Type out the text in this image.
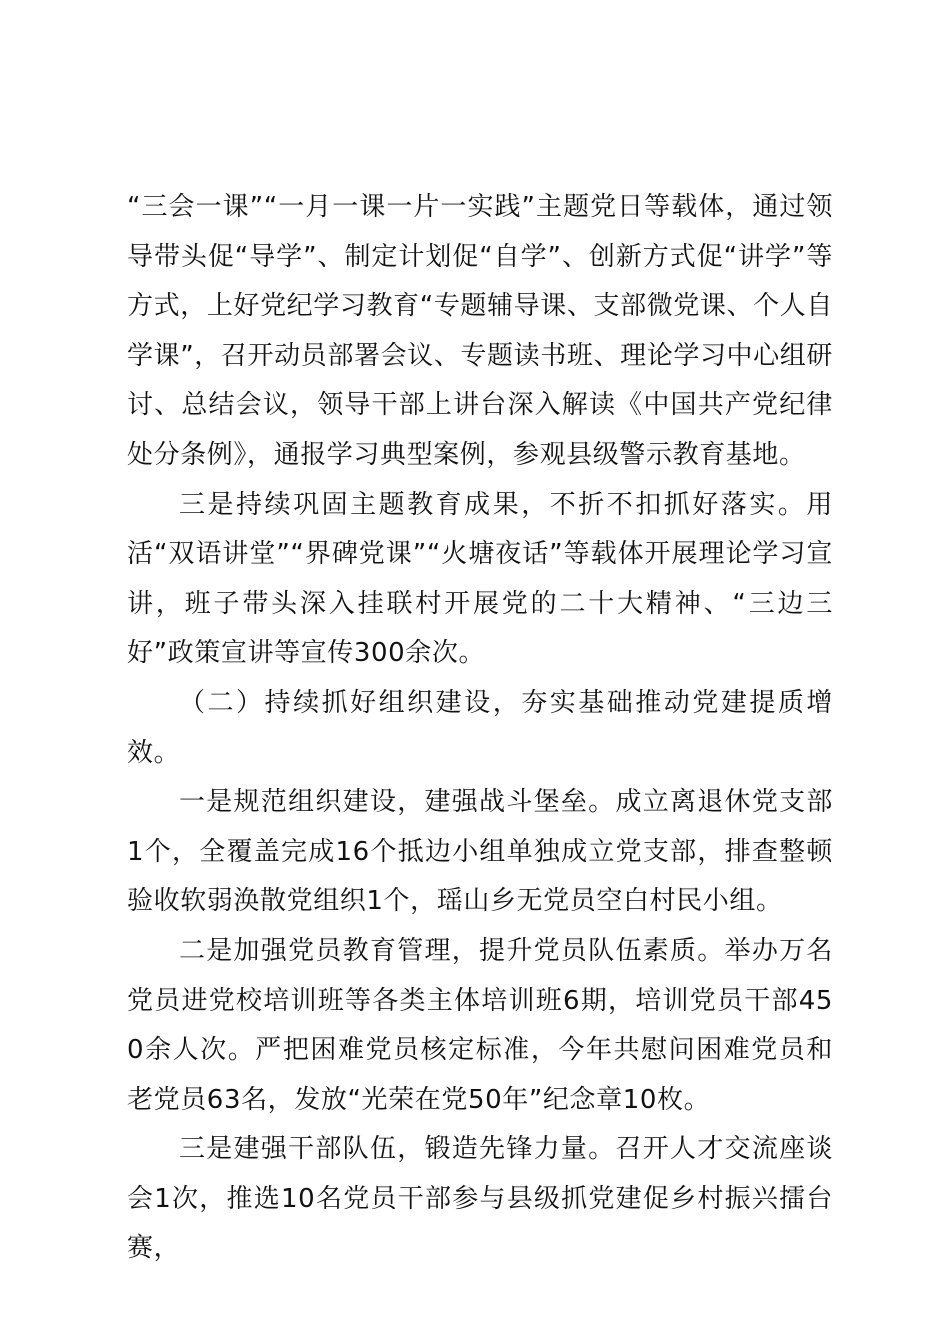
“三会一课”“一月一课一片一实践”主题党日等载体，通过领导带头促“导学”、制定计划促“自学”、创新方式促“讲学”等方式，上好党纪学习教育“专题辅导课、支部微党课、个人自学课”，召开动员部署会议、专题读书班、理论学习中心组研讨、总结会议，领导干部上讲台深入解读《中国共产党纪律处分条例》，通报学习典型案例，参观县级警示教育基地。

三是持续巩固主题教育成果，不折不扣抓好落实。用活“双语讲堂”“界碑党课”“火塘夜话”等载体开展理论学习宣讲，班子带头深入挂联村开展党的二十大精神、“三边三好”政策宣讲等宣传300余次。

（二）持续抓好组织建设，夯实基础推动党建提质增效。

一是规范组织建设，建强战斗堡垒。成立离退休党支部1个，全覆盖完成16个抵边小组单独成立党支部，排查整顿验收软弱涣散党组织1个，瑶山乡无党员空白村民小组。

二是加强党员教育管理，提升党员队伍素质。举办万名党员进党校培训班等各类主体培训班6期，培训党员干部450余人次。严把困难党员核定标准，今年共慰问困难党员和老党员63名，发放“光荣在党50年”纪念章10枚。

三是建强干部队伍，锻造先锋力量。召开人才交流座谈会1次，推选10名党员干部参与县级抓党建促乡村振兴擂台赛，
